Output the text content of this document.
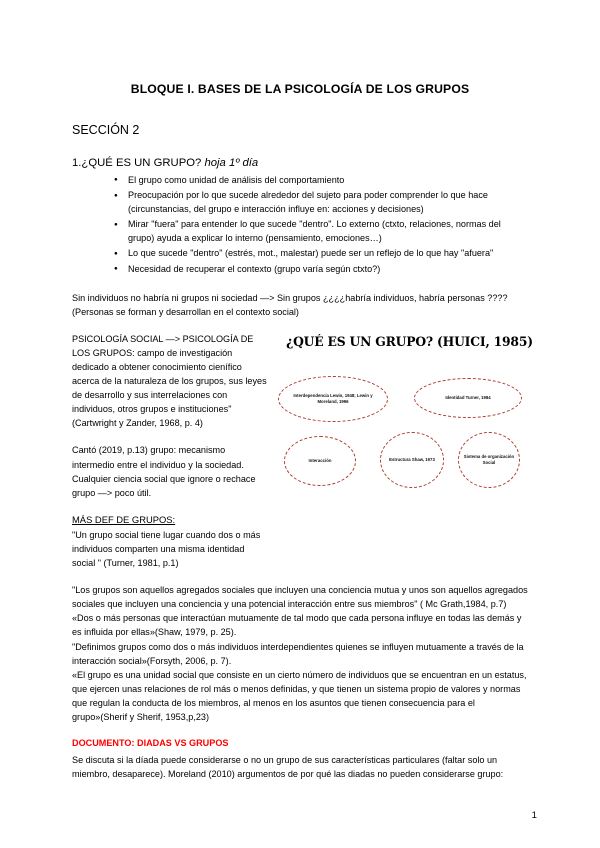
BLOQUE I. BASES DE LA PSICOLOGÍA DE LOS GRUPOS
SECCIÓN 2
1.¿QUÉ ES UN GRUPO? hoja 1º día
● El grupo como unidad de análisis del comportamiento
● Preocupación por lo que sucede alrededor del sujeto para poder comprender lo que hace (circunstancias, del grupo e interacción influye en: acciones y decisiones)
● Mirar "fuera" para entender lo que sucede "dentro". Lo externo (ctxto, relaciones, normas del grupo) ayuda a explicar lo interno (pensamiento, emociones…)
● Lo que sucede "dentro" (estrés, mot., malestar) puede ser un reflejo de lo que hay "afuera"
● Necesidad de recuperar el contexto (grupo varía según ctxto?)

Sin individuos no habría ni grupos ni sociedad —> Sin grupos ¿¿¿¿habría individuos, habría personas ????(Personas se forman y desarrollan en el contexto social)

¿QUÉ ES UN GRUPO? (HUICI, 1985)
Interdependencia Lewin, 1948; Lewin y Moreland, 1996
Identidad Turner, 1984
Interacción	Estructura Shaw, 1973
Sistema de organización Social

PSICOLOGÍA SOCIAL —> PSICOLOGÍA DE LOS GRUPOS: campo de investigación dedicado a obtener conocimiento cienífico acerca de la naturaleza de los grupos, sus leyes de desarrollo y sus interrelaciones con individuos, otros grupos e instituciones" (Cartwright y Zander, 1968, p. 4)

Cantó (2019, p.13) grupo: mecanismo intermedio entre el individuo y la sociedad. Cualquier ciencia social que ignore o rechace grupo —> poco útil.

MÁS DEF DE GRUPOS:

"Un grupo social tiene lugar cuando dos o más individuos comparten una misma identidad social " (Turner, 1981, p.1)

"Los grupos son aquellos agregados sociales que incluyen una conciencia mutua y unos son aquellos agregados sociales que incluyen una conciencia y una potencial interacción entre sus miembros" ( Mc Grath,1984, p.7)

«Dos o más personas que interactúan mutuamente de tal modo que cada persona influye en todas las demás y es influida por ellas»(Shaw, 1979, p. 25).

"Definimos grupos como dos o más individuos interdependientes quienes se influyen mutuamente a través de la interacción social»(Forsyth, 2006, p. 7).

«El grupo es una unidad social que consiste en un cierto número de individuos que se encuentran en un estatus, que ejercen unas relaciones de rol más o menos definidas, y que tienen un sistema propio de valores y normas que regulan la conducta de los miembros, al menos en los asuntos que tienen consecuencia para el grupo»(Sherif y Sherif, 1953,p,23)

DOCUMENTO: DIADAS VS GRUPOS

Se discuta si la díada puede considerarse o no un grupo de sus características particulares (faltar solo un miembro, desaparece). Moreland (2010) argumentos de por qué las diadas no pueden considerarse grupo:

1
